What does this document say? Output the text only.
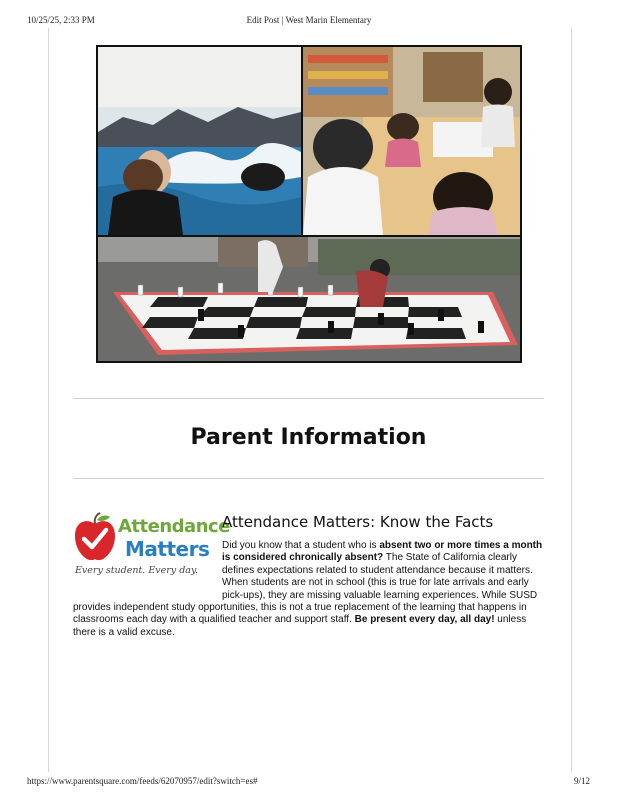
10/25/25, 2:33 PM	Edit Post | West Marin Elementary
Parent Information
Attendance
Matters
Every student. Every day.
Attendance Matters: Know the Facts

Did you know that a student who is absent two or more times a month is considered chronically absent? The State of California clearly defines expectations related to student attendance because it matters. When students are not in school (this is true for late arrivals and early pick-ups), they are missing valuable learning experiences. While SUSD provides independent study opportunities, this is not a true replacement of the learning that happens in classrooms each day with a qualified teacher and support staff. Be present every day, all day! unless there is a valid excuse.

https://www.parentsquare.com/feeds/62070957/edit?switch=es#	9/12
